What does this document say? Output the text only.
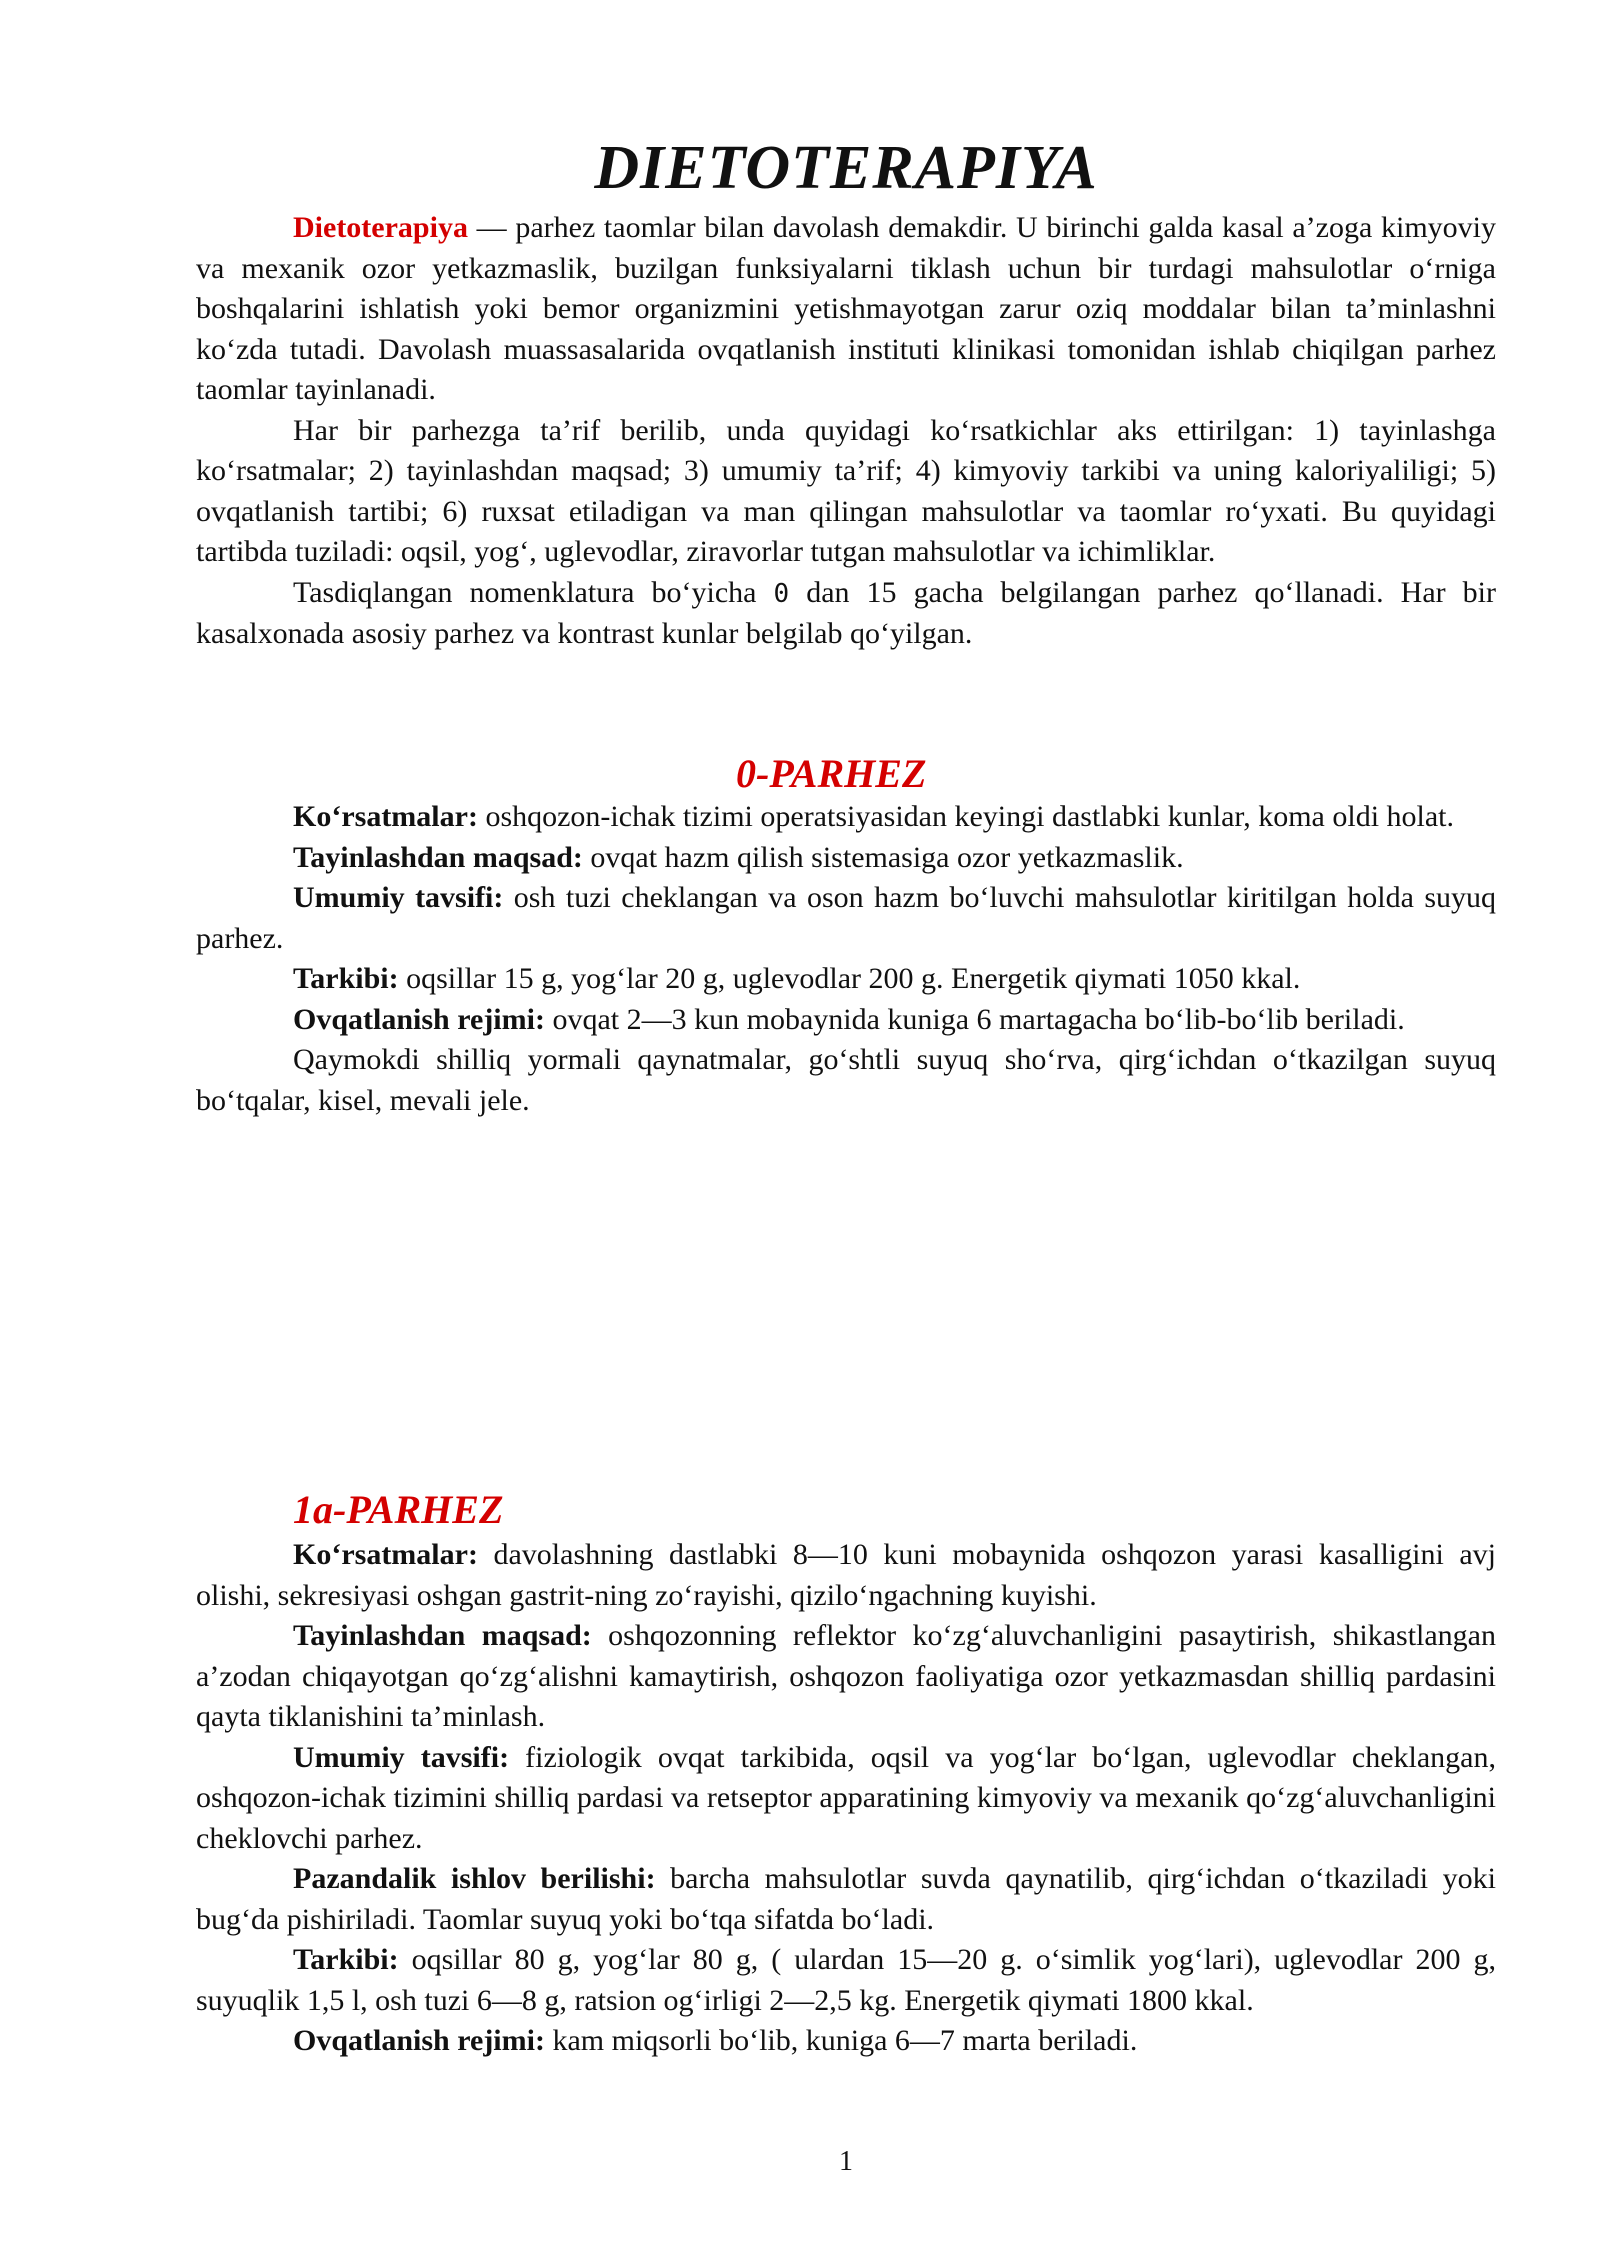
DIETOTERAPIYA

Dietoterapiya — parhez taomlar bilan davolash demakdir. U birinchi galda kasal a’zoga kimyoviy va mexanik ozor yetkazmaslik, buzilgan funksiyalarni tiklash uchun bir turdagi mahsulotlar o‘rniga boshqalarini ishlatish yoki bemor organizmini yetishmayotgan zarur oziq moddalar bilan ta’minlashni ko‘zda tutadi. Davolash muassasalarida ovqatlanish instituti klinikasi tomonidan ishlab chiqilgan parhez taomlar tayinlanadi.

Har bir parhezga ta’rif berilib, unda quyidagi ko‘rsatkichlar aks ettirilgan: 1) tayinlashga ko‘rsatmalar; 2) tayinlashdan maqsad; 3) umumiy ta’rif; 4) kimyoviy tarkibi va uning kaloriyaliligi; 5) ovqatlanish tartibi; 6) ruxsat etiladigan va man qilingan mahsulotlar va taomlar ro‘yxati. Bu quyidagi tartibda tuziladi: oqsil, yog‘, uglevodlar, ziravorlar tutgan mahsulotlar va ichimliklar.

Tasdiqlangan nomenklatura bo‘yicha 0 dan 15 gacha belgilangan parhez qo‘llanadi. Har bir kasalxonada asosiy parhez va kontrast kunlar belgilab qo‘yilgan.

0-PARHEZ

Ko‘rsatmalar: oshqozon-ichak tizimi operatsiyasidan keyingi dastlabki kunlar, koma oldi holat.

Tayinlashdan maqsad: ovqat hazm qilish sistemasiga ozor yetkazmaslik.

Umumiy tavsifi: osh tuzi cheklangan va oson hazm bo‘luvchi mahsulotlar kiritilgan holda suyuq parhez.

Tarkibi: oqsillar 15 g, yog‘lar 20 g, uglevodlar 200 g. Energetik qiymati 1050 kkal.

Ovqatlanish rejimi: ovqat 2—3 kun mobaynida kuniga 6 martagacha bo‘lib-bo‘lib beriladi.

Qaymokdi shilliq yormali qaynatmalar, go‘shtli suyuq sho‘rva, qirg‘ichdan o‘tkazilgan suyuq bo‘tqalar, kisel, mevali jele.

1a-PARHEZ

Ko‘rsatmalar: davolashning dastlabki 8—10 kuni mobaynida oshqozon yarasi kasalligini avj olishi, sekresiyasi oshgan gastrit-ning zo‘rayishi, qizilo‘ngachning kuyishi.

Tayinlashdan maqsad: oshqozonning reflektor ko‘zg‘aluvchanligini pasaytirish, shikastlangan a’zodan chiqayotgan qo‘zg‘alishni kamaytirish, oshqozon faoliyatiga ozor yetkazmasdan shilliq pardasini qayta tiklanishini ta’minlash.

Umumiy tavsifi: fiziologik ovqat tarkibida, oqsil va yog‘lar bo‘lgan, uglevodlar cheklangan, oshqozon-ichak tizimini shilliq pardasi va retseptor apparatining kimyoviy va mexanik qo‘zg‘aluvchanligini cheklovchi parhez.

Pazandalik ishlov berilishi: barcha mahsulotlar suvda qaynatilib, qirg‘ichdan o‘tkaziladi yoki bug‘da pishiriladi. Taomlar suyuq yoki bo‘tqa sifatda bo‘ladi.

Tarkibi: oqsillar 80 g, yog‘lar 80 g, ( ulardan 15—20 g. o‘simlik yog‘lari), uglevodlar 200 g, suyuqlik 1,5 l, osh tuzi 6—8 g, ratsion og‘irligi 2—2,5 kg. Energetik qiymati 1800 kkal.

Ovqatlanish rejimi: kam miqsorli bo‘lib, kuniga 6—7 marta beriladi.

1
